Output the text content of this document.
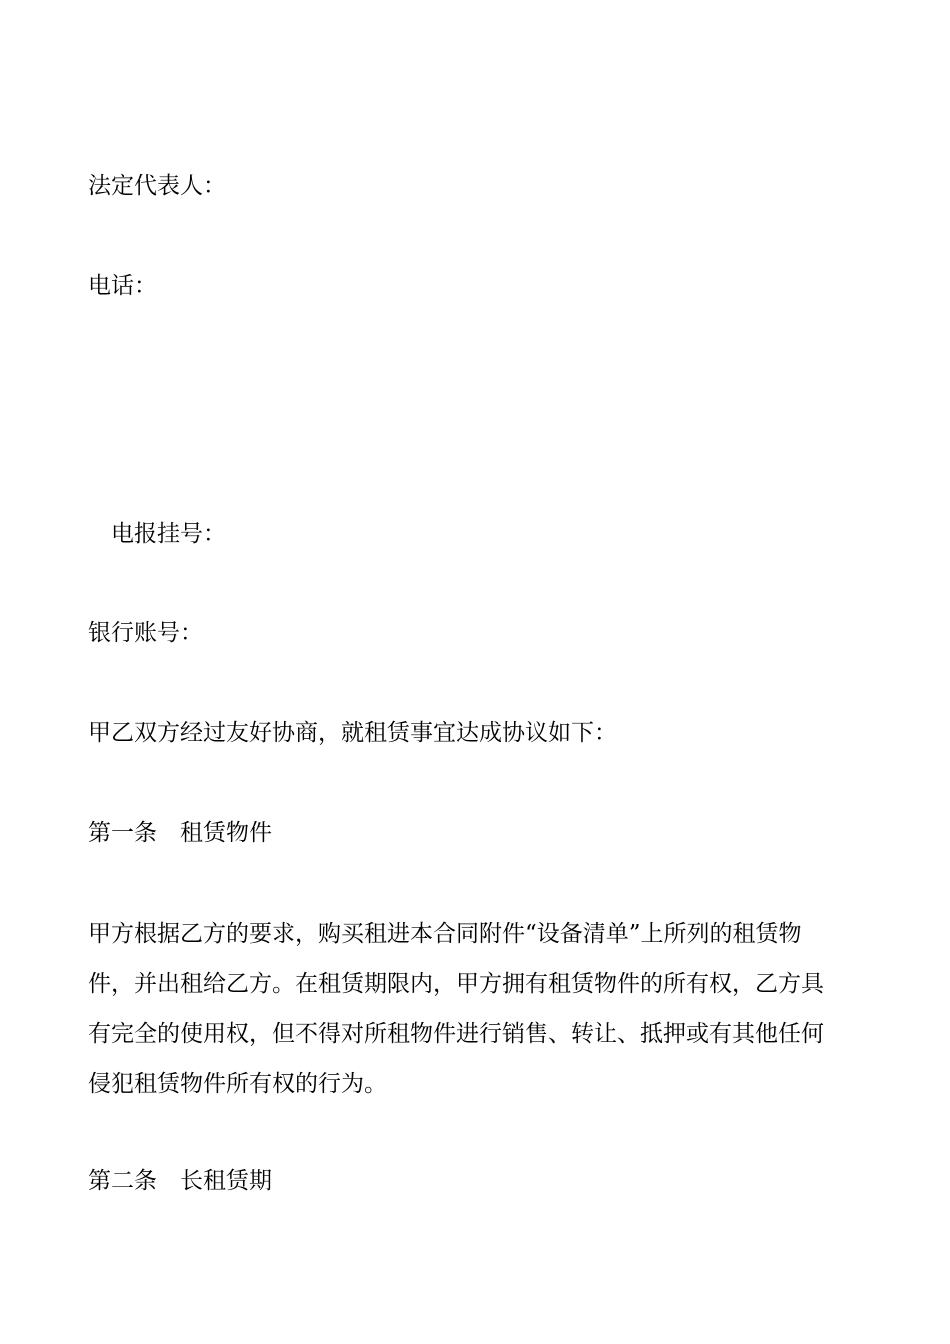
法定代表人：
电话：
电报挂号：
银行账号：
甲乙双方经过友好协商，就租赁事宜达成协议如下：
第一条　租赁物件
甲方根据乙方的要求，购买租进本合同附件“设备清单”上所列的租赁物
件，并出租给乙方。在租赁期限内，甲方拥有租赁物件的所有权，乙方具
有完全的使用权，但不得对所租物件进行销售、转让、抵押或有其他任何
侵犯租赁物件所有权的行为。
第二条　长租赁期
